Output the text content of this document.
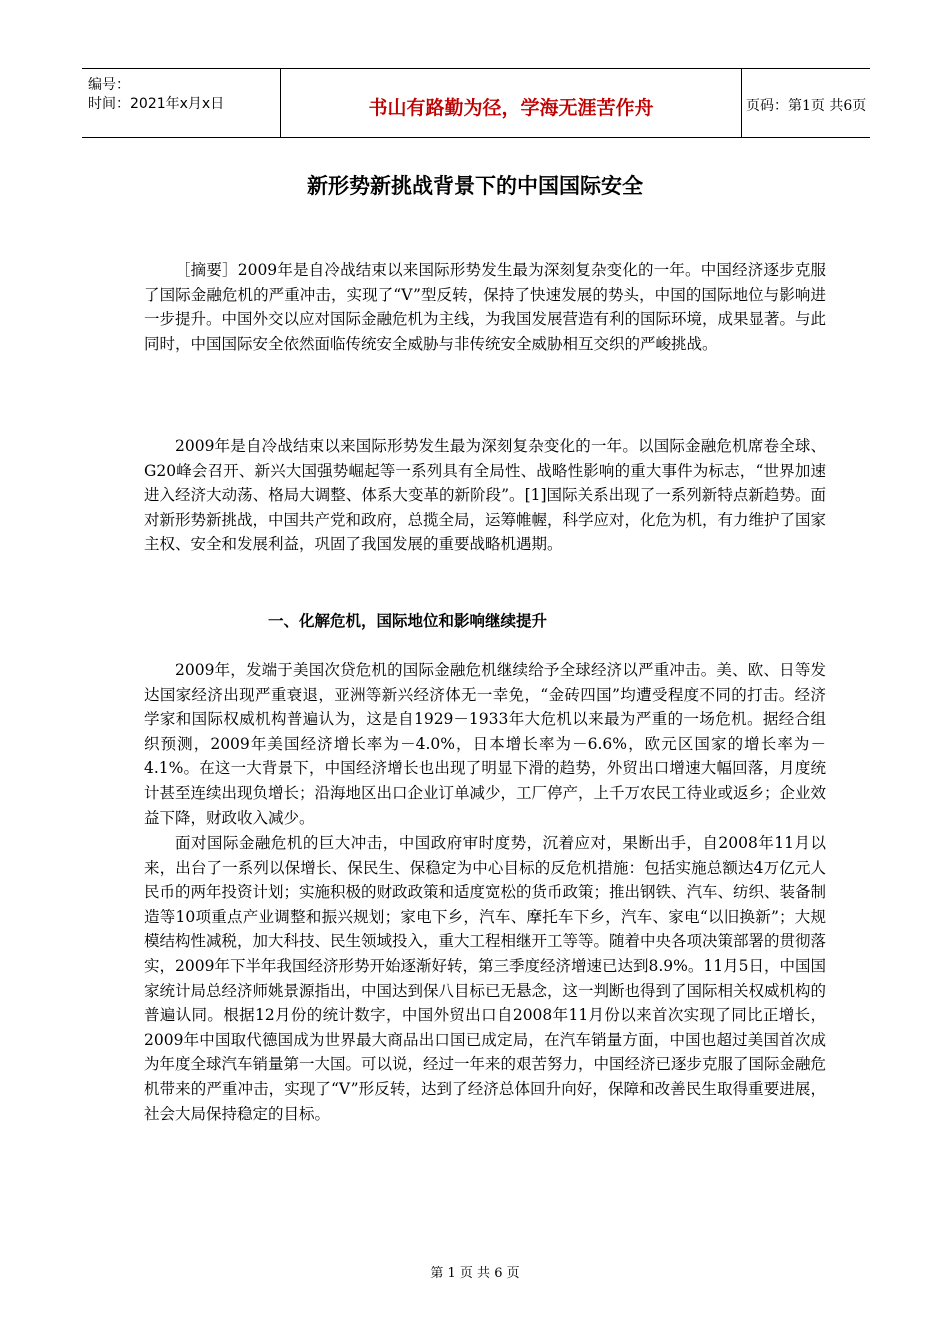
编号：
时间：2021年x月x日	书山有路勤为径，学海无涯苦作舟	页码：第1页 共6页
新形势新挑战背景下的中国国际安全

［摘要］2009年是自冷战结束以来国际形势发生最为深刻复杂变化的一年。中国经济逐步克服了国际金融危机的严重冲击，实现了“V”型反转，保持了快速发展的势头，中国的国际地位与影响进一步提升。中国外交以应对国际金融危机为主线，为我国发展营造有利的国际环境，成果显著。与此同时，中国国际安全依然面临传统安全威胁与非传统安全威胁相互交织的严峻挑战。

2009年是自冷战结束以来国际形势发生最为深刻复杂变化的一年。以国际金融危机席卷全球、G20峰会召开、新兴大国强势崛起等一系列具有全局性、战略性影响的重大事件为标志，“世界加速进入经济大动荡、格局大调整、体系大变革的新阶段”。[1]国际关系出现了一系列新特点新趋势。面对新形势新挑战，中国共产党和政府，总揽全局，运筹帷幄，科学应对，化危为机，有力维护了国家主权、安全和发展利益，巩固了我国发展的重要战略机遇期。

一、化解危机，国际地位和影响继续提升

2009年，发端于美国次贷危机的国际金融危机继续给予全球经济以严重冲击。美、欧、日等发达国家经济出现严重衰退，亚洲等新兴经济体无一幸免，“金砖四国”均遭受程度不同的打击。经济学家和国际权威机构普遍认为，这是自1929－1933年大危机以来最为严重的一场危机。据经合组织预测，2009年美国经济增长率为－4.0%，日本增长率为－6.6%，欧元区国家的增长率为－4.1%。在这一大背景下，中国经济增长也出现了明显下滑的趋势，外贸出口增速大幅回落，月度统计甚至连续出现负增长；沿海地区出口企业订单减少，工厂停产，上千万农民工待业或返乡；企业效益下降，财政收入减少。

面对国际金融危机的巨大冲击，中国政府审时度势，沉着应对，果断出手，自2008年11月以来，出台了一系列以保增长、保民生、保稳定为中心目标的反危机措施：包括实施总额达4万亿元人民币的两年投资计划；实施积极的财政政策和适度宽松的货币政策；推出钢铁、汽车、纺织、装备制造等10项重点产业调整和振兴规划；家电下乡，汽车、摩托车下乡，汽车、家电“以旧换新”；大规模结构性减税，加大科技、民生领域投入，重大工程相继开工等等。随着中央各项决策部署的贯彻落实，2009年下半年我国经济形势开始逐渐好转，第三季度经济增速已达到8.9%。11月5日，中国国家统计局总经济师姚景源指出，中国达到保八目标已无悬念，这一判断也得到了国际相关权威机构的普遍认同。根据12月份的统计数字，中国外贸出口自2008年11月份以来首次实现了同比正增长，2009年中国取代德国成为世界最大商品出口国已成定局，在汽车销量方面，中国也超过美国首次成为年度全球汽车销量第一大国。可以说，经过一年来的艰苦努力，中国经济已逐步克服了国际金融危机带来的严重冲击，实现了“V”形反转，达到了经济总体回升向好，保障和改善民生取得重要进展，社会大局保持稳定的目标。

第 1 页 共 6 页
